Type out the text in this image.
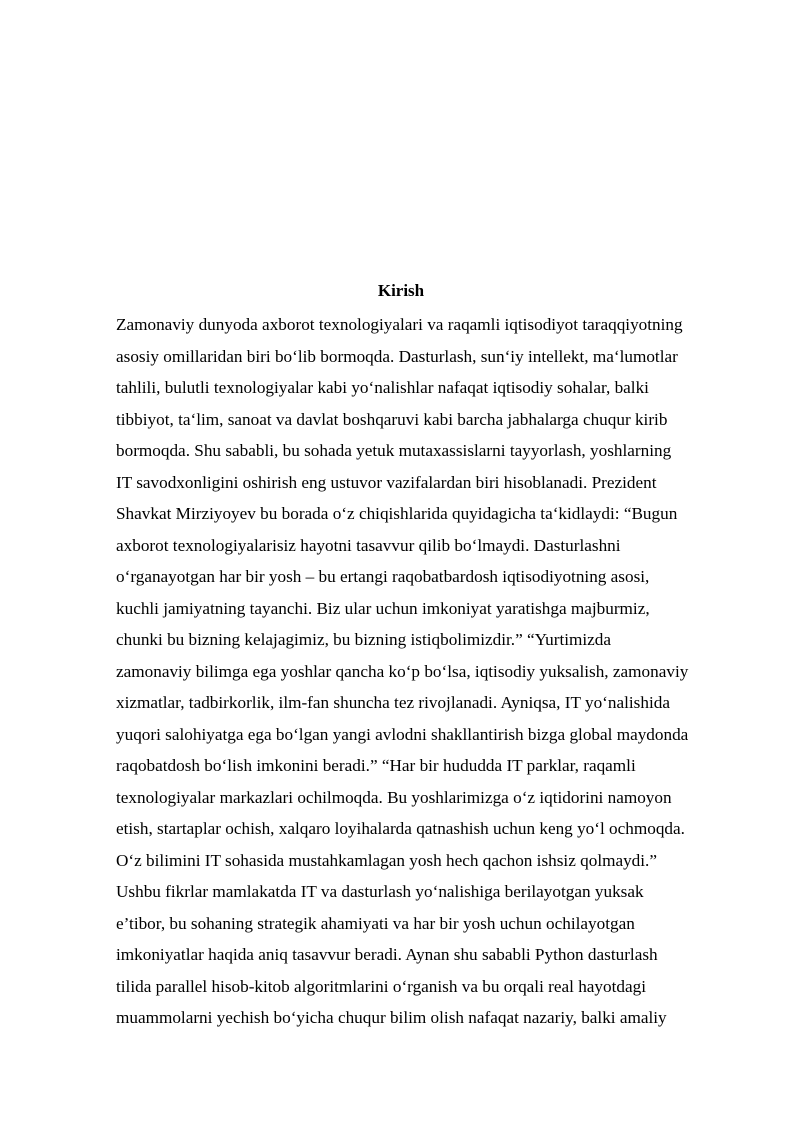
Kirish
Zamonaviy dunyoda axborot texnologiyalari va raqamli iqtisodiyot taraqqiyotning
asosiy omillaridan biri bo‘lib bormoqda. Dasturlash, sun‘iy intellekt, ma‘lumotlar
tahlili, bulutli texnologiyalar kabi yo‘nalishlar nafaqat iqtisodiy sohalar, balki
tibbiyot, ta‘lim, sanoat va davlat boshqaruvi kabi barcha jabhalarga chuqur kirib
bormoqda. Shu sababli, bu sohada yetuk mutaxassislarni tayyorlash, yoshlarning
IT savodxonligini oshirish eng ustuvor vazifalardan biri hisoblanadi. Prezident
Shavkat Mirziyoyev bu borada o‘z chiqishlarida quyidagicha ta‘kidlaydi: “Bugun
axborot texnologiyalarisiz hayotni tasavvur qilib bo‘lmaydi. Dasturlashni
o‘rganayotgan har bir yosh – bu ertangi raqobatbardosh iqtisodiyotning asosi,
kuchli jamiyatning tayanchi. Biz ular uchun imkoniyat yaratishga majburmiz,
chunki bu bizning kelajagimiz, bu bizning istiqbolimizdir.” “Yurtimizda
zamonaviy bilimga ega yoshlar qancha ko‘p bo‘lsa, iqtisodiy yuksalish, zamonaviy
xizmatlar, tadbirkorlik, ilm-fan shuncha tez rivojlanadi. Ayniqsa, IT yo‘nalishida
yuqori salohiyatga ega bo‘lgan yangi avlodni shakllantirish bizga global maydonda
raqobatdosh bo‘lish imkonini beradi.” “Har bir hududda IT parklar, raqamli
texnologiyalar markazlari ochilmoqda. Bu yoshlarimizga o‘z iqtidorini namoyon
etish, startaplar ochish, xalqaro loyihalarda qatnashish uchun keng yo‘l ochmoqda.
O‘z bilimini IT sohasida mustahkamlagan yosh hech qachon ishsiz qolmaydi.”
Ushbu fikrlar mamlakatda IT va dasturlash yo‘nalishiga berilayotgan yuksak
e’tibor, bu sohaning strategik ahamiyati va har bir yosh uchun ochilayotgan
imkoniyatlar haqida aniq tasavvur beradi. Aynan shu sababli Python dasturlash
tilida parallel hisob-kitob algoritmlarini o‘rganish va bu orqali real hayotdagi
muammolarni yechish bo‘yicha chuqur bilim olish nafaqat nazariy, balki amaliy
